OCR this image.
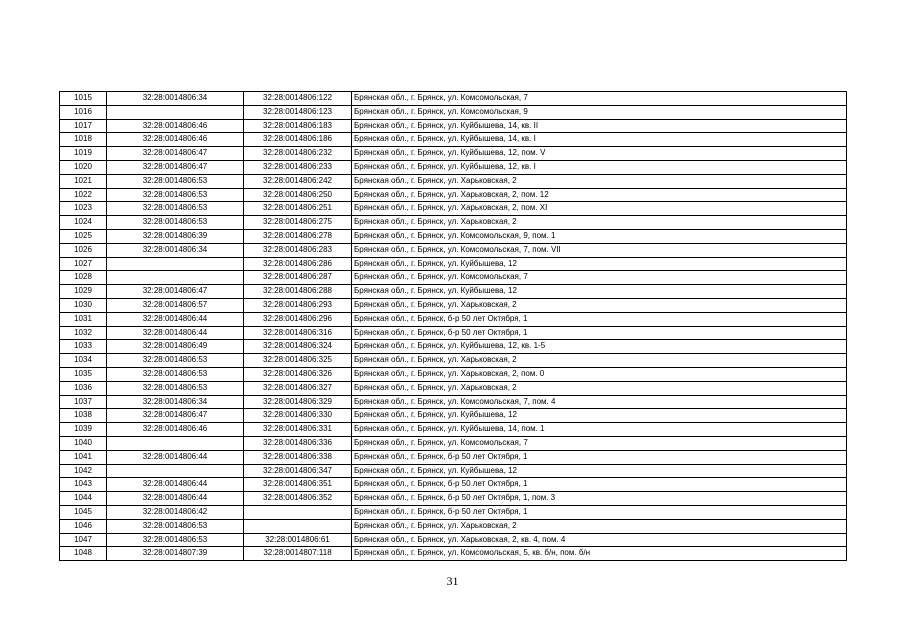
1015	32:28:0014806:34	32:28:0014806:122	Брянская обл., г. Брянск, ул. Комсомольская, 7
1016		32:28:0014806:123	Брянская обл., г. Брянск, ул. Комсомольская, 9
1017	32:28:0014806:46	32:28:0014806:183	Брянская обл., г. Брянск, ул. Куйбышева, 14, кв. II
1018	32:28:0014806:46	32:28:0014806:186	Брянская обл., г. Брянск, ул. Куйбышева, 14, кв. I
1019	32:28:0014806:47	32:28:0014806:232	Брянская обл., г. Брянск, ул. Куйбышева, 12, пом. V
1020	32:28:0014806:47	32:28:0014806:233	Брянская обл., г. Брянск, ул. Куйбышева, 12, кв. I
1021	32:28:0014806:53	32:28:0014806:242	Брянская обл., г. Брянск, ул. Харьковская, 2
1022	32:28:0014806:53	32:28:0014806:250	Брянская обл., г. Брянск, ул. Харьковская, 2, пом. 12
1023	32:28:0014806:53	32:28:0014806:251	Брянская обл., г. Брянск, ул. Харьковская, 2, пом. XI
1024	32:28:0014806:53	32:28:0014806:275	Брянская обл., г. Брянск, ул. Харьковская, 2
1025	32:28:0014806:39	32:28:0014806:278	Брянская обл., г. Брянск, ул. Комсомольская, 9, пом. 1
1026	32:28:0014806:34	32:28:0014806:283	Брянская обл., г. Брянск, ул. Комсомольская, 7, пом. VII
1027		32:28:0014806:286	Брянская обл., г. Брянск, ул. Куйбышева, 12
1028		32:28:0014806:287	Брянская обл., г. Брянск, ул. Комсомольская, 7
1029	32:28:0014806:47	32:28:0014806:288	Брянская обл., г. Брянск, ул. Куйбышева, 12
1030	32:28:0014806:57	32:28:0014806:293	Брянская обл., г. Брянск, ул. Харьковская, 2
1031	32:28:0014806:44	32:28:0014806:296	Брянская обл., г. Брянск, б-р 50 лет Октября, 1
1032	32:28:0014806:44	32:28:0014806:316	Брянская обл., г. Брянск, б-р 50 лет Октября, 1
1033	32:28:0014806:49	32:28:0014806:324	Брянская обл., г. Брянск, ул. Куйбышева, 12, кв. 1-5
1034	32:28:0014806:53	32:28:0014806:325	Брянская обл., г. Брянск, ул. Харьковская, 2
1035	32:28:0014806:53	32:28:0014806:326	Брянская обл., г. Брянск, ул. Харьковская, 2, пом. 0
1036	32:28:0014806:53	32:28:0014806:327	Брянская обл., г. Брянск, ул. Харьковская, 2
1037	32:28:0014806:34	32:28:0014806:329	Брянская обл., г. Брянск, ул. Комсомольская, 7, пом. 4
1038	32:28:0014806:47	32:28:0014806:330	Брянская обл., г. Брянск, ул. Куйбышева, 12
1039	32:28:0014806:46	32:28:0014806:331	Брянская обл., г. Брянск, ул. Куйбышева, 14, пом. 1
1040		32:28:0014806:336	Брянская обл., г. Брянск, ул. Комсомольская, 7
1041	32:28:0014806:44	32:28:0014806:338	Брянская обл., г. Брянск, б-р 50 лет Октября, 1
1042		32:28:0014806:347	Брянская обл., г. Брянск, ул. Куйбышева, 12
1043	32:28:0014806:44	32:28:0014806:351	Брянская обл., г. Брянск, б-р 50 лет Октября, 1
1044	32:28:0014806:44	32:28:0014806:352	Брянская обл., г. Брянск, б-р 50 лет Октября, 1, пом. 3
1045	32:28:0014806:42		Брянская обл., г. Брянск, б-р 50 лет Октября, 1
1046	32:28:0014806:53		Брянская обл., г. Брянск, ул. Харьковская, 2
1047	32:28:0014806:53	32:28:0014806:61	Брянская обл., г. Брянск, ул. Харьковская, 2, кв. 4, пом. 4
1048	32:28:0014807:39	32:28:0014807:118	Брянская обл., г. Брянск, ул. Комсомольская, 5, кв. б/н, пом. б/н
31
